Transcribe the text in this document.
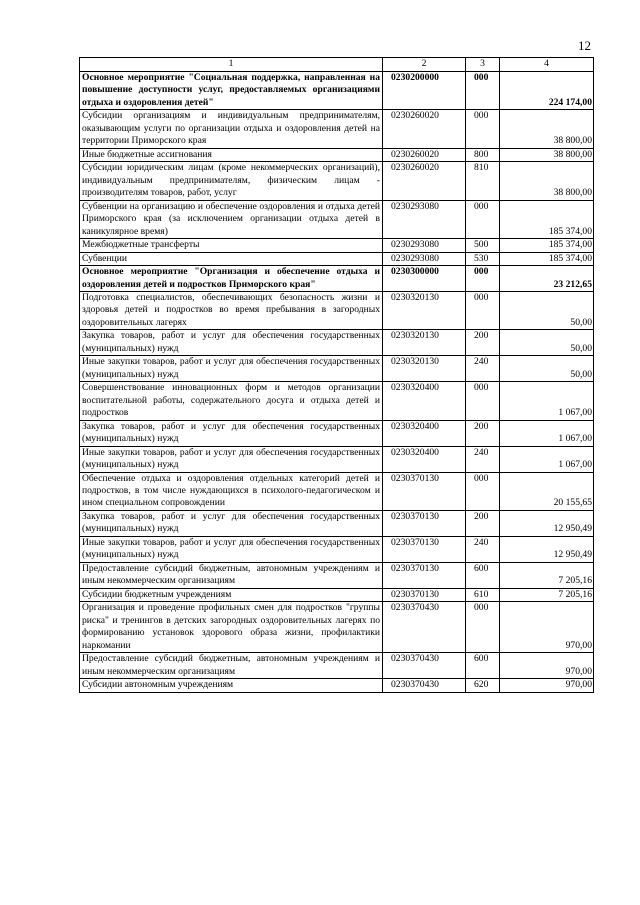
12
1	2	3	4
Основное мероприятие "Социальная поддержка, направленная на повышение доступности услуг, предоставляемых организациями отдыха и оздоровления детей"	0230200000	000	224 174,00
Субсидии организациям и индивидуальным предпринимателям, оказывающим услуги по организации отдыха и оздоровления детей на территории Приморского края	0230260020	000	38 800,00
Иные бюджетные ассигнования	0230260020	800	38 800,00
Субсидии юридическим лицам (кроме некоммерческих организаций), индивидуальным предпринимателям, физическим лицам - производителям товаров, работ, услуг	0230260020	810	38 800,00
Субвенции на организацию и обеспечение оздоровления и отдыха детей Приморского края (за исключением организации отдыха детей в каникулярное время)	0230293080	000	185 374,00
Межбюджетные трансферты	0230293080	500	185 374,00
Субвенции	0230293080	530	185 374,00
Основное мероприятие "Организация и обеспечение отдыха и оздоровления детей и подростков Приморского края"	0230300000	000	23 212,65
Подготовка специалистов, обеспечивающих безопасность жизни и здоровья детей и подростков во время пребывания в загородных оздоровительных лагерях	0230320130	000	50,00
Закупка товаров, работ и услуг для обеспечения государственных (муниципальных) нужд	0230320130	200	50,00
Иные закупки товаров, работ и услуг для обеспечения государственных (муниципальных) нужд	0230320130	240	50,00
Совершенствование инновационных форм и методов организации воспитательной работы, содержательного досуга и отдыха детей и подростков	0230320400	000	1 067,00
Закупка товаров, работ и услуг для обеспечения государственных (муниципальных) нужд	0230320400	200	1 067,00
Иные закупки товаров, работ и услуг для обеспечения государственных (муниципальных) нужд	0230320400	240	1 067,00
Обеспечение отдыха и оздоровления отдельных категорий детей и подростков, в том числе нуждающихся в психолого-педагогическом и ином специальном сопровождении	0230370130	000	20 155,65
Закупка товаров, работ и услуг для обеспечения государственных (муниципальных) нужд	0230370130	200	12 950,49
Иные закупки товаров, работ и услуг для обеспечения государственных (муниципальных) нужд	0230370130	240	12 950,49
Предоставление субсидий бюджетным, автономным учреждениям и иным некоммерческим организациям	0230370130	600	7 205,16
Субсидии бюджетным учреждениям	0230370130	610	7 205,16
Организация и проведение профильных смен для подростков "группы риска" и тренингов в детских загородных оздоровительных лагерях по формированию установок здорового образа жизни, профилактики наркомании	0230370430	000	970,00
Предоставление субсидий бюджетным, автономным учреждениям и иным некоммерческим организациям	0230370430	600	970,00
Субсидии автономным учреждениям	0230370430	620	970,00
